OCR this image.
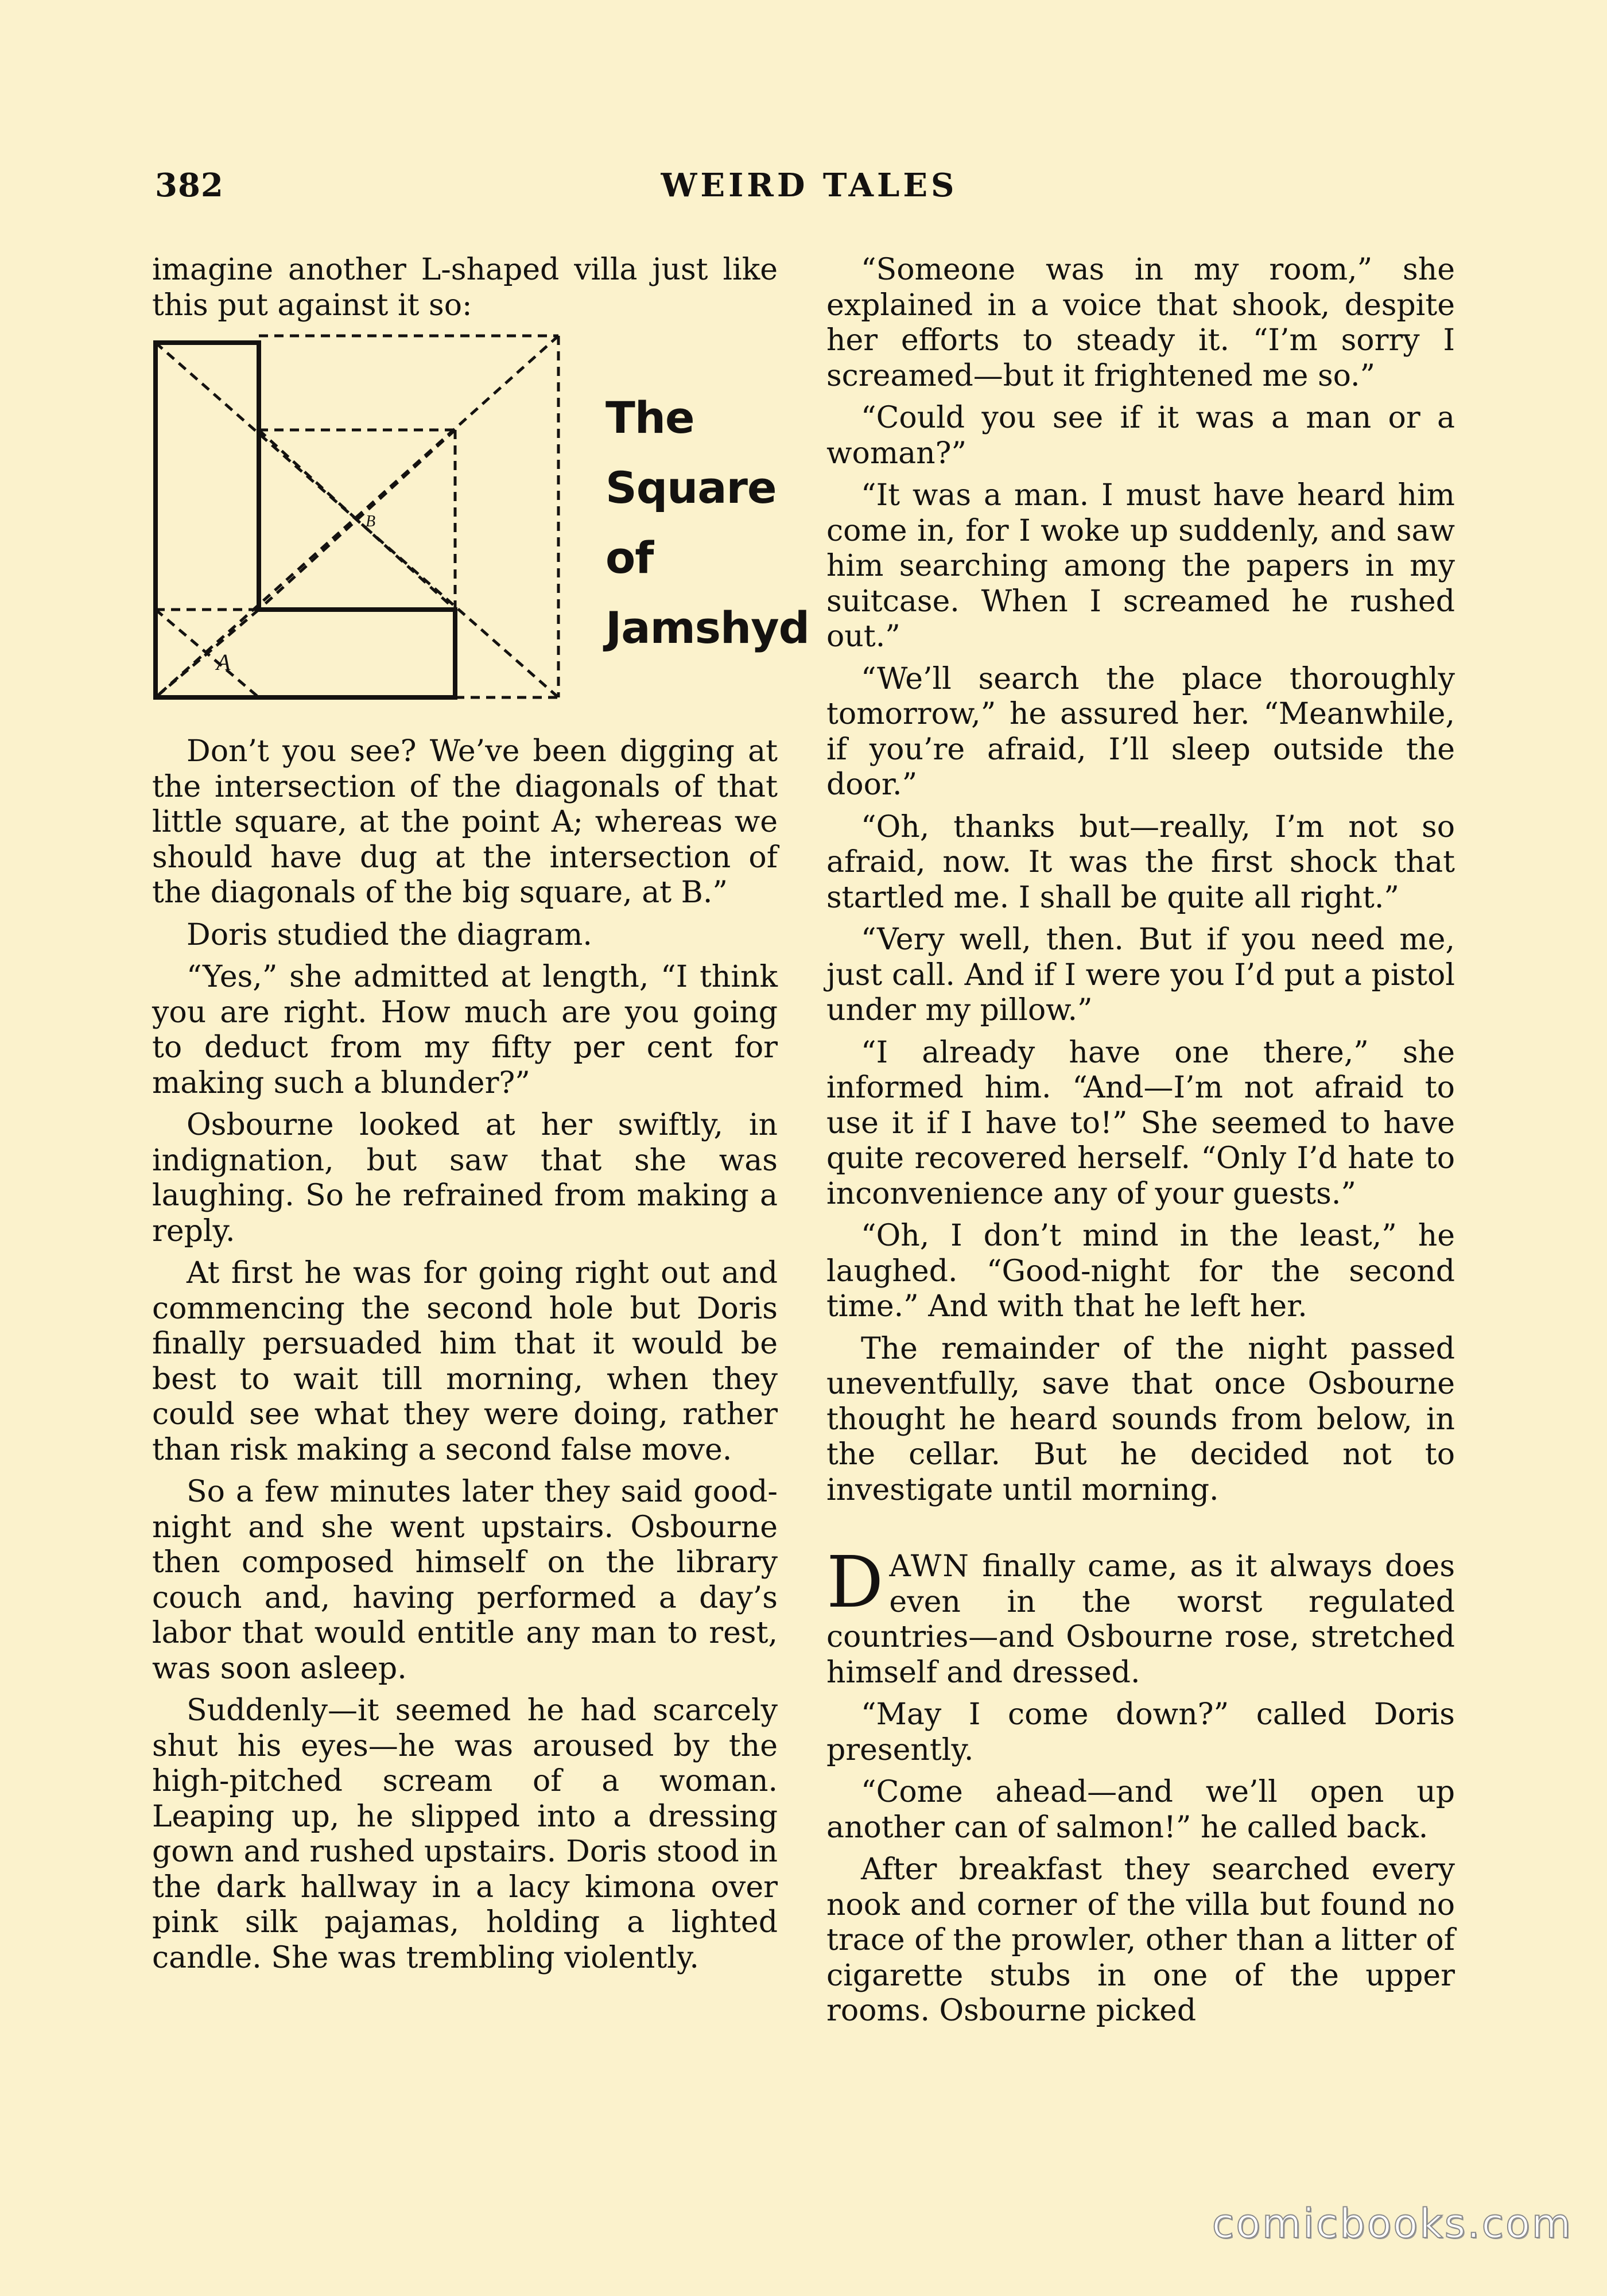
382	WEIRD TALES

imagine another L-shaped villa just like this put against it so:

B
A
The
Square
of
Jamshyd

Don’t you see? We’ve been digging at the intersection of the diagonals of that little square, at the point A; whereas we should have dug at the intersection of the diagonals of the big square, at B.”

Doris studied the diagram.

“Yes,” she admitted at length, “I think you are right. How much are you going to deduct from my fifty per cent for making such a blunder?”

Osbourne looked at her swiftly, in indignation, but saw that she was laughing. So he refrained from making a reply.

At first he was for going right out and commencing the second hole but Doris finally persuaded him that it would be best to wait till morning, when they could see what they were doing, rather than risk making a second false move.

So a few minutes later they said good-night and she went upstairs. Osbourne then composed himself on the library couch and, having performed a day’s labor that would entitle any man to rest, was soon asleep.

Suddenly—it seemed he had scarcely shut his eyes—he was aroused by the high-pitched scream of a woman. Leaping up, he slipped into a dressing gown and rushed upstairs. Doris stood in the dark hallway in a lacy kimona over pink silk pajamas, holding a lighted candle. She was trembling violently.

“Someone was in my room,” she explained in a voice that shook, despite her efforts to steady it. “I’m sorry I screamed—but it frightened me so.”

“Could you see if it was a man or a woman?”

“It was a man. I must have heard him come in, for I woke up suddenly, and saw him searching among the papers in my suitcase. When I screamed he rushed out.”

“We’ll search the place thoroughly tomorrow,” he assured her. “Meanwhile, if you’re afraid, I’ll sleep outside the door.”

“Oh, thanks but—really, I’m not so afraid, now. It was the first shock that startled me. I shall be quite all right.”

“Very well, then. But if you need me, just call. And if I were you I’d put a pistol under my pillow.”

“I already have one there,” she informed him. “And—I’m not afraid to use it if I have to!” She seemed to have quite recovered herself. “Only I’d hate to inconvenience any of your guests.”

“Oh, I don’t mind in the least,” he laughed. “Good-night for the second time.” And with that he left her.

The remainder of the night passed uneventfully, save that once Osbourne thought he heard sounds from below, in the cellar. But he decided not to investigate until morning.

DAWN finally came, as it always does even in the worst regulated countries—and Osbourne rose, stretched himself and dressed.

“May I come down?” called Doris presently.

“Come ahead—and we’ll open up another can of salmon!” he called back.

After breakfast they searched every nook and corner of the villa but found no trace of the prowler, other than a litter of cigarette stubs in one of the upper rooms. Osbourne picked

comicbooks.com
